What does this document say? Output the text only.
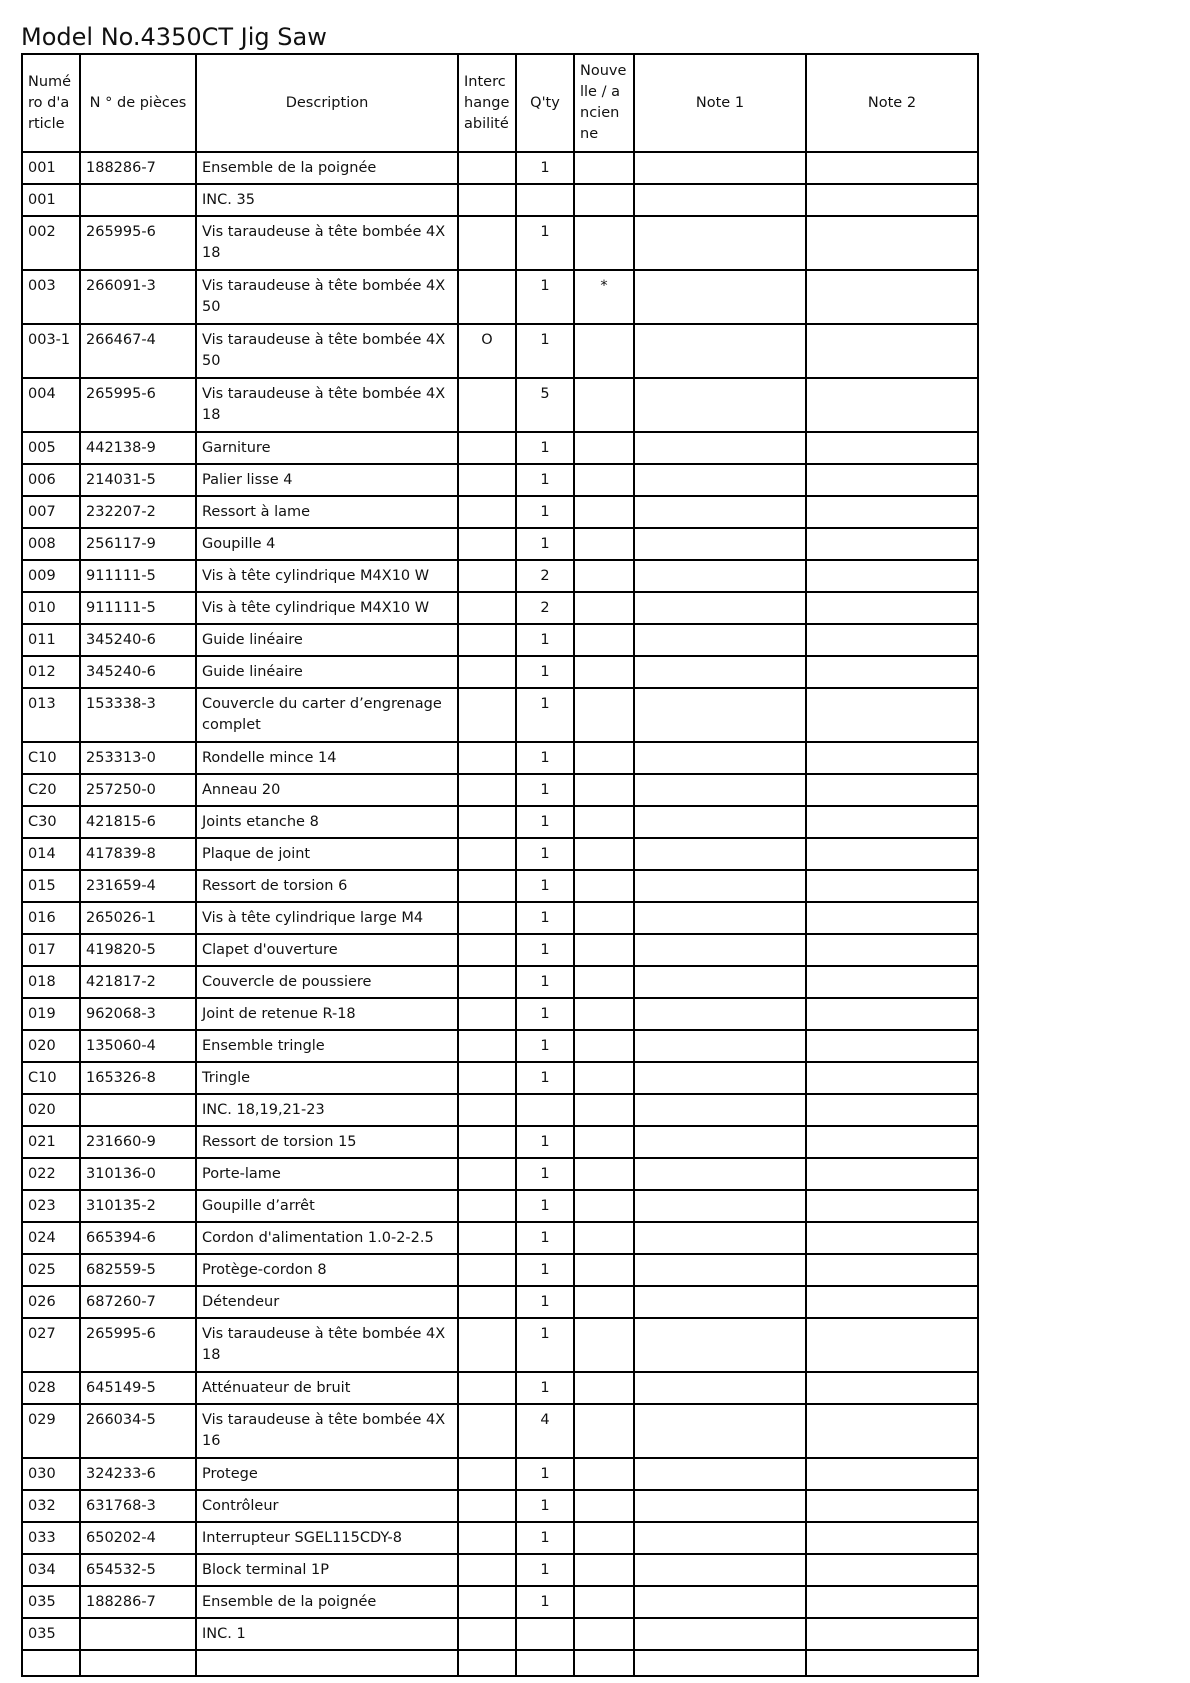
Model No.4350CT Jig Saw
Numéro d'article	N ° de pièces	Description	Interchangeabilité	Q'ty	Nouvelle / ancienne	Note 1	Note 2
001	188286-7	Ensemble de la poignée		1			
001		INC. 35					
002	265995-6	Vis taraudeuse à tête bombée 4X 18		1			
003	266091-3	Vis taraudeuse à tête bombée 4X 50		1	*		
003-1	266467-4	Vis taraudeuse à tête bombée 4X 50	O	1			
004	265995-6	Vis taraudeuse à tête bombée 4X 18		5			
005	442138-9	Garniture		1			
006	214031-5	Palier lisse 4		1			
007	232207-2	Ressort à lame		1			
008	256117-9	Goupille 4		1			
009	911111-5	Vis à tête cylindrique M4X10 W		2			
010	911111-5	Vis à tête cylindrique M4X10 W		2			
011	345240-6	Guide linéaire		1			
012	345240-6	Guide linéaire		1			
013	153338-3	Couvercle du carter d’engrenage complet		1			
C10	253313-0	Rondelle mince 14		1			
C20	257250-0	Anneau 20		1			
C30	421815-6	Joints etanche 8		1			
014	417839-8	Plaque de joint		1			
015	231659-4	Ressort de torsion 6		1			
016	265026-1	Vis à tête cylindrique large M4		1			
017	419820-5	Clapet d'ouverture		1			
018	421817-2	Couvercle de poussiere		1			
019	962068-3	Joint de retenue R-18		1			
020	135060-4	Ensemble tringle		1			
C10	165326-8	Tringle		1			
020		INC. 18,19,21-23					
021	231660-9	Ressort de torsion 15		1			
022	310136-0	Porte-lame		1			
023	310135-2	Goupille d’arrêt		1			
024	665394-6	Cordon d'alimentation 1.0-2-2.5		1			
025	682559-5	Protège-cordon 8		1			
026	687260-7	Détendeur		1			
027	265995-6	Vis taraudeuse à tête bombée 4X 18		1			
028	645149-5	Atténuateur de bruit		1			
029	266034-5	Vis taraudeuse à tête bombée 4X 16		4			
030	324233-6	Protege		1			
032	631768-3	Contrôleur		1			
033	650202-4	Interrupteur SGEL115CDY-8		1			
034	654532-5	Block terminal 1P		1			
035	188286-7	Ensemble de la poignée		1			
035		INC. 1					
